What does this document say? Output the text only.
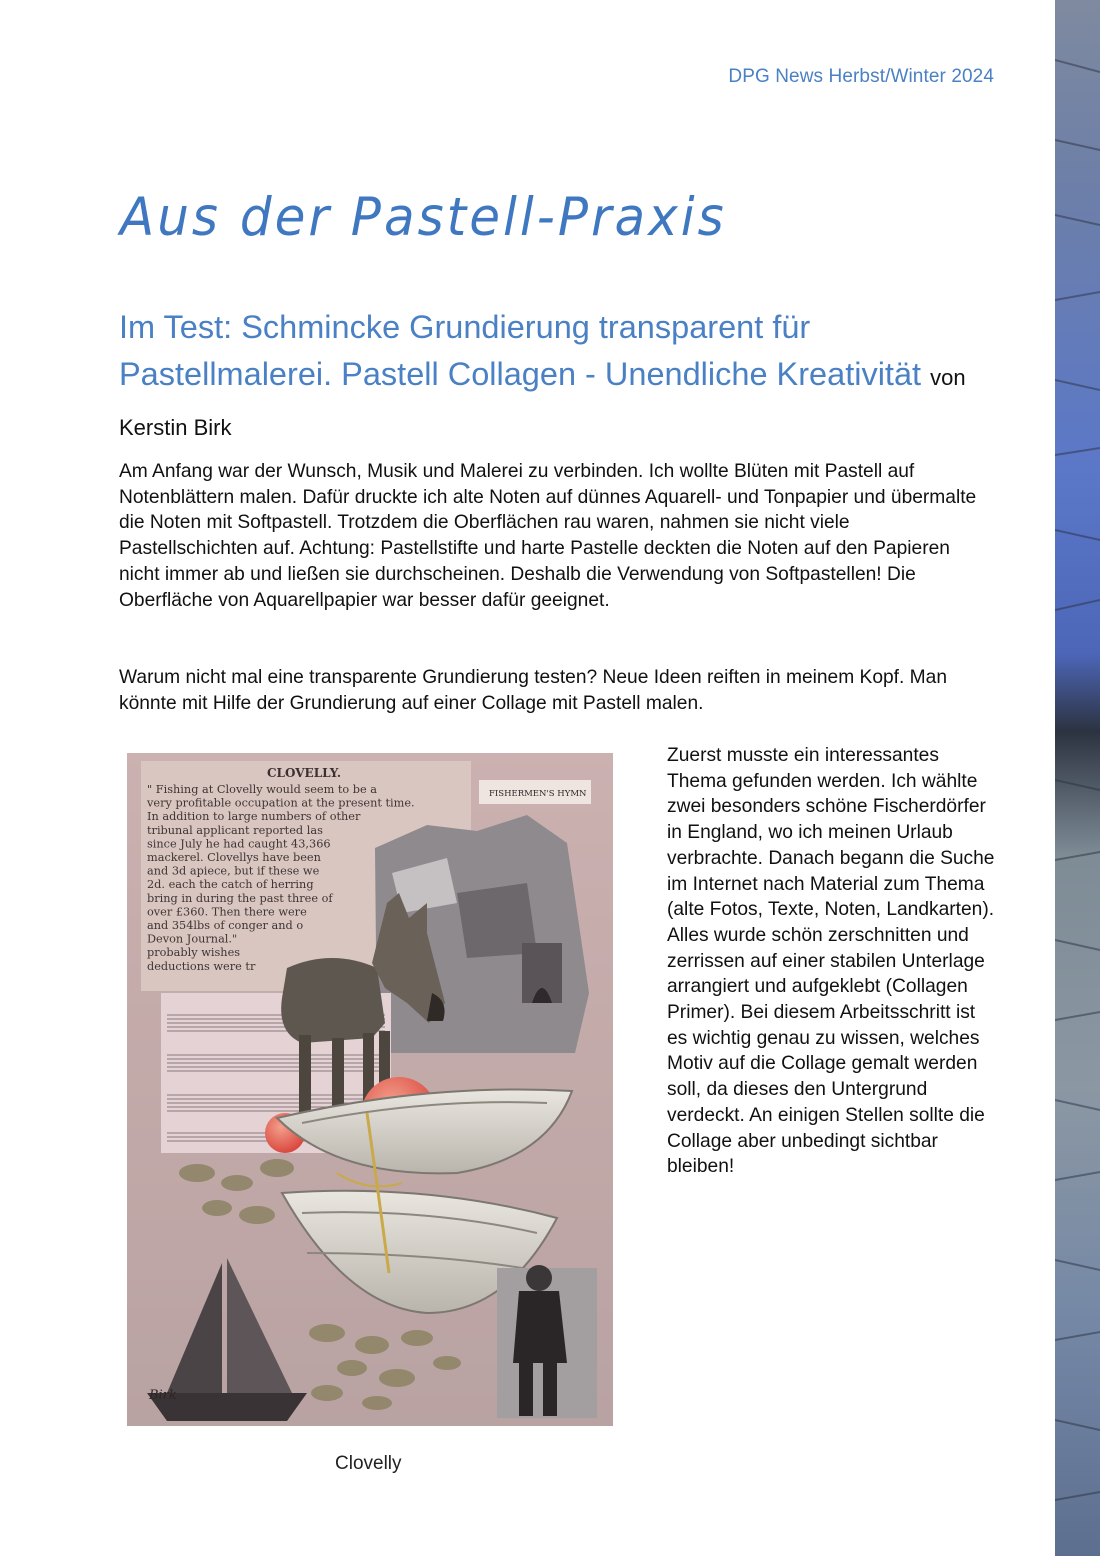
DPG News Herbst/Winter 2024
Aus der Pastell-Praxis
Im Test: Schmincke Grundierung transparent für Pastellmalerei. Pastell Collagen - Unendliche Kreativität von Kerstin Birk

Am Anfang war der Wunsch, Musik und Malerei zu verbinden. Ich wollte Blüten mit Pastell auf Notenblättern malen. Dafür druckte ich alte Noten auf dünnes Aquarell- und Tonpapier und übermalte die Noten mit Softpastell. Trotzdem die Oberflächen rau waren, nahmen sie nicht viele Pastellschichten auf. Achtung: Pastellstifte und harte Pastelle deckten die Noten auf den Papieren nicht immer ab und ließen sie durchscheinen. Deshalb die Verwendung von Softpastellen! Die Oberfläche von Aquarellpapier war besser dafür geeignet.

Warum nicht mal eine transparente Grundierung testen? Neue Ideen reiften in meinem Kopf. Man könnte mit Hilfe der Grundierung auf einer Collage mit Pastell malen.

CLOVELLY.
" Fishing at Clovelly would seem to be a
very profitable occupation at the present time.
In addition to large numbers of other
tribunal applicant reported las
since July he had caught 43,366
mackerel. Clovellys have been
and 3d apiece, but if these we
2d. each the catch of herring
bring in during the past three of
over £360. Then there were
and 354lbs of conger and o
Devon Journal."
probably wishes
deductions were tr
FISHERMEN'S HYMN
Birk

Zuerst musste ein interessantes Thema gefunden werden. Ich wählte zwei besonders schöne Fischerdörfer in England, wo ich meinen Urlaub verbrachte. Danach begann die Suche im Internet nach Material zum Thema (alte Fotos, Texte, Noten, Landkarten). Alles wurde schön zerschnitten und zerrissen auf einer stabilen Unterlage arrangiert und aufgeklebt (Collagen Primer). Bei diesem Arbeitsschritt ist es wichtig genau zu wissen, welches Motiv auf die Collage gemalt werden soll, da dieses den Untergrund verdeckt. An einigen Stellen sollte die Collage aber unbedingt sichtbar bleiben!

Clovelly
